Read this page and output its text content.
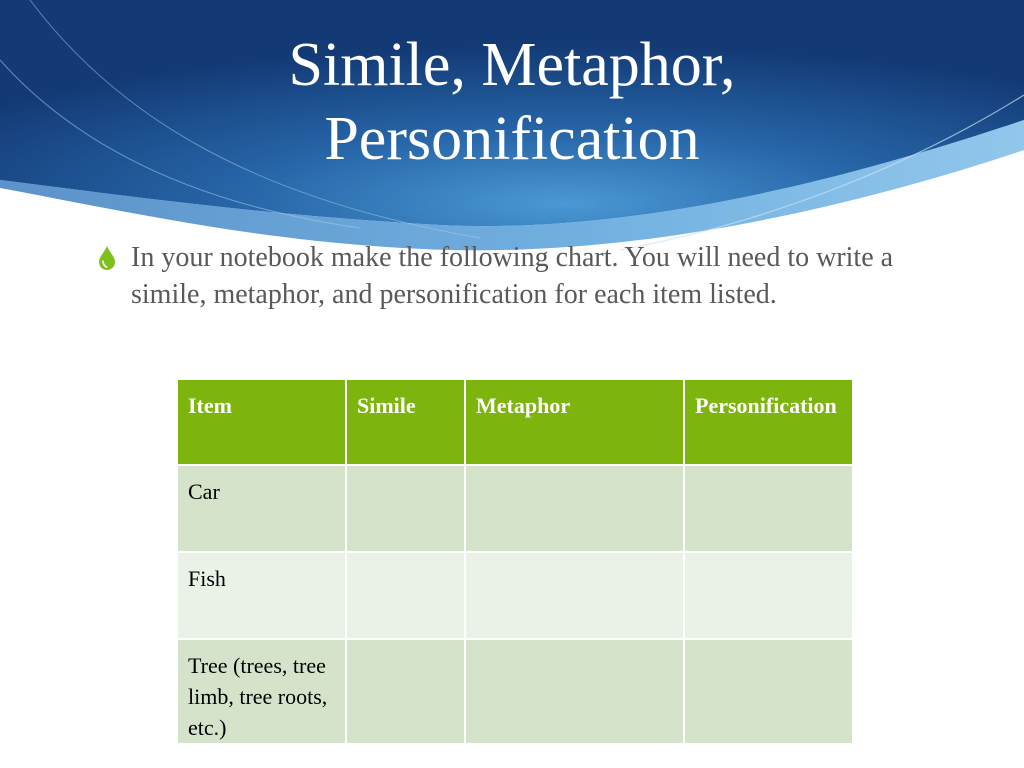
Simile, Metaphor,
Personification
In your notebook make the following chart. You will need to write a simile, metaphor, and personification for each item listed.
Item	Simile	Metaphor	Personification
Car			
Fish			
Tree (trees, tree limb, tree roots, etc.)			
